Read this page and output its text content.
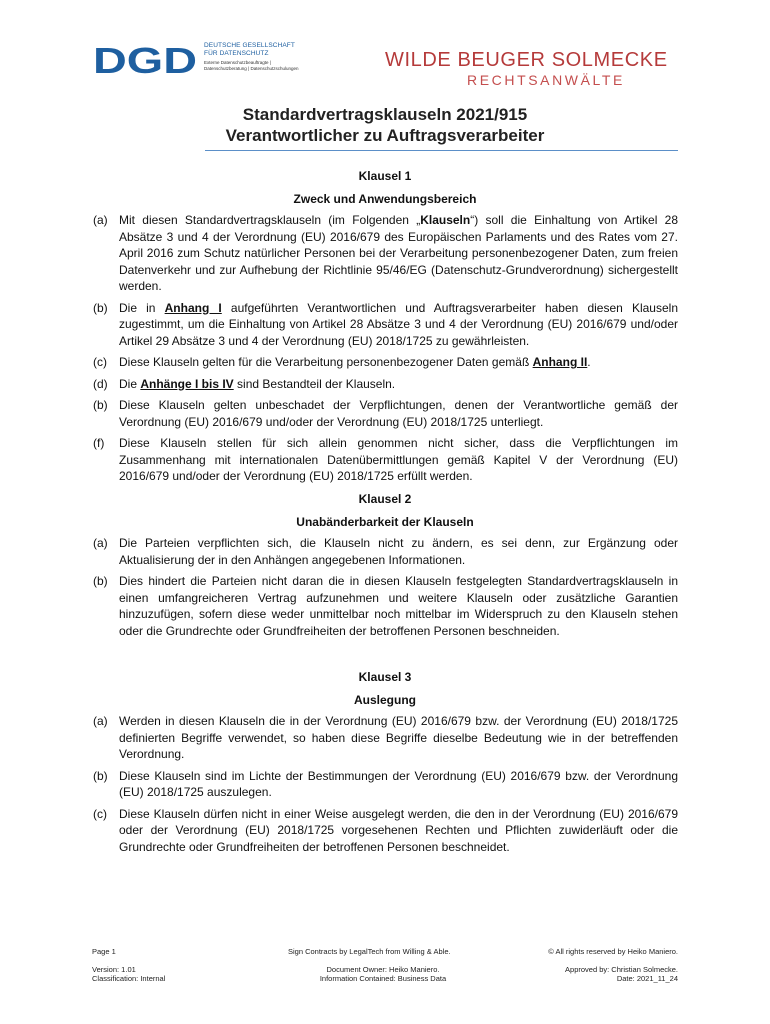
DGD DEUTSCHE GESELLSCHAFT
FÜR DATENSCHUTZ
Externe Datenschutzbeauftragte |
Datenschutzberatung | Datenschutzschulungen	WILDE BEUGER SOLMECKE
RECHTSANWÄLTE
Standardvertragsklauseln 2021/915
Verantwortlicher zu Auftragsverarbeiter
Klausel 1
Zweck und Anwendungsbereich
(a) Mit diesen Standardvertragsklauseln (im Folgenden „Klauseln“) soll die Einhaltung von Artikel 28 Absätze 3 und 4 der Verordnung (EU) 2016/679 des Europäischen Parlaments und des Rates vom 27. April 2016 zum Schutz natürlicher Personen bei der Verarbeitung personenbezogener Daten, zum freien Datenverkehr und zur Aufhebung der Richtlinie 95/46/EG (Datenschutz-Grundverordnung) sichergestellt werden.
(b) Die in Anhang I aufgeführten Verantwortlichen und Auftragsverarbeiter haben diesen Klauseln zugestimmt, um die Einhaltung von Artikel 28 Absätze 3 und 4 der Verordnung (EU) 2016/679 und/oder Artikel 29 Absätze 3 und 4 der Verordnung (EU) 2018/1725 zu gewährleisten.
(c) Diese Klauseln gelten für die Verarbeitung personenbezogener Daten gemäß Anhang II.
(d) Die Anhänge I bis IV sind Bestandteil der Klauseln.
(b) Diese Klauseln gelten unbeschadet der Verpflichtungen, denen der Verantwortliche gemäß der Verordnung (EU) 2016/679 und/oder der Verordnung (EU) 2018/1725 unterliegt.
(f) Diese Klauseln stellen für sich allein genommen nicht sicher, dass die Verpflichtungen im Zusammenhang mit internationalen Datenübermittlungen gemäß Kapitel V der Verordnung (EU) 2016/679 und/oder der Verordnung (EU) 2018/1725 erfüllt werden.
Klausel 2
Unabänderbarkeit der Klauseln
(a) Die Parteien verpflichten sich, die Klauseln nicht zu ändern, es sei denn, zur Ergänzung oder Aktualisierung der in den Anhängen angegebenen Informationen.
(b) Dies hindert die Parteien nicht daran die in diesen Klauseln festgelegten Standardvertragsklauseln in einen umfangreicheren Vertrag aufzunehmen und weitere Klauseln oder zusätzliche Garantien hinzuzufügen, sofern diese weder unmittelbar noch mittelbar im Widerspruch zu den Klauseln stehen oder die Grundrechte oder Grundfreiheiten der betroffenen Personen beschneiden.
Klausel 3
Auslegung
(a) Werden in diesen Klauseln die in der Verordnung (EU) 2016/679 bzw. der Verordnung (EU) 2018/1725 definierten Begriffe verwendet, so haben diese Begriffe dieselbe Bedeutung wie in der betreffenden Verordnung.
(b) Diese Klauseln sind im Lichte der Bestimmungen der Verordnung (EU) 2016/679 bzw. der Verordnung (EU) 2018/1725 auszulegen.
(c) Diese Klauseln dürfen nicht in einer Weise ausgelegt werden, die den in der Verordnung (EU) 2016/679 oder der Verordnung (EU) 2018/1725 vorgesehenen Rechten und Pflichten zuwiderläuft oder die Grundrechte oder Grundfreiheiten der betroffenen Personen beschneidet.
Page 1	Sign Contracts by LegalTech from Willing & Able.	© All rights reserved by Heiko Maniero.
Version: 1.01
Classification: Internal
Document Owner: Heiko Maniero.
Information Contained: Business Data
Approved by: Christian Solmecke.
Date: 2021_11_24
